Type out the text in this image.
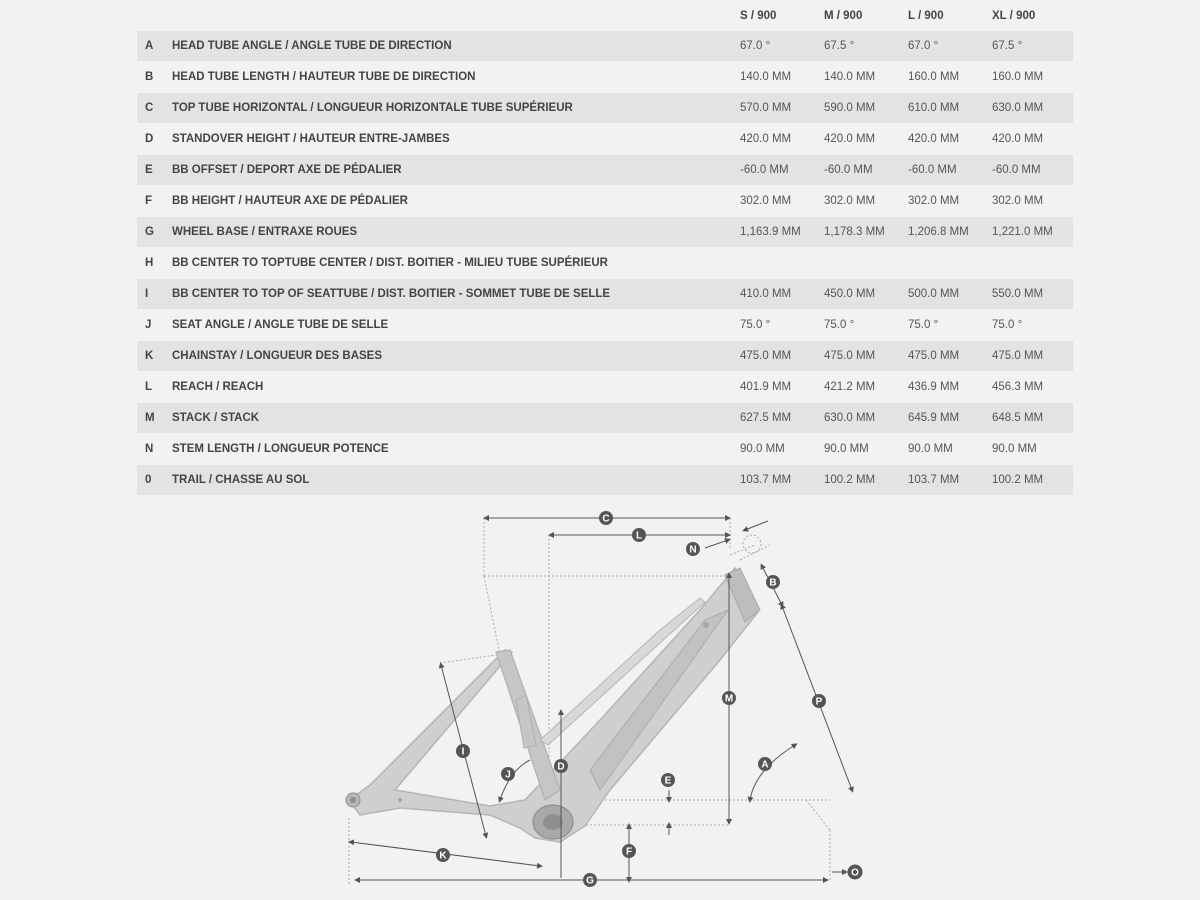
		S / 900	M / 900	L / 900	XL / 900
A	HEAD TUBE ANGLE / ANGLE TUBE DE DIRECTION	67.0 °	67.5 °	67.0 °	67.5 °
B	HEAD TUBE LENGTH / HAUTEUR TUBE DE DIRECTION	140.0 MM	140.0 MM	160.0 MM	160.0 MM
C	TOP TUBE HORIZONTAL / LONGUEUR HORIZONTALE TUBE SUPÉRIEUR	570.0 MM	590.0 MM	610.0 MM	630.0 MM
D	STANDOVER HEIGHT / HAUTEUR ENTRE-JAMBES	420.0 MM	420.0 MM	420.0 MM	420.0 MM
E	BB OFFSET / DEPORT AXE DE PÉDALIER	-60.0 MM	-60.0 MM	-60.0 MM	-60.0 MM
F	BB HEIGHT / HAUTEUR AXE DE PÉDALIER	302.0 MM	302.0 MM	302.0 MM	302.0 MM
G	WHEEL BASE / ENTRAXE ROUES	1,163.9 MM	1,178.3 MM	1,206.8 MM	1,221.0 MM
H	BB CENTER TO TOPTUBE CENTER / DIST. BOITIER - MILIEU TUBE SUPÉRIEUR				
I	BB CENTER TO TOP OF SEATTUBE / DIST. BOITIER - SOMMET TUBE DE SELLE	410.0 MM	450.0 MM	500.0 MM	550.0 MM
J	SEAT ANGLE / ANGLE TUBE DE SELLE	75.0 °	75.0 °	75.0 °	75.0 °
K	CHAINSTAY / LONGUEUR DES BASES	475.0 MM	475.0 MM	475.0 MM	475.0 MM
L	REACH / REACH	401.9 MM	421.2 MM	436.9 MM	456.3 MM
M	STACK / STACK	627.5 MM	630.0 MM	645.9 MM	648.5 MM
N	STEM LENGTH / LONGUEUR POTENCE	90.0 MM	90.0 MM	90.0 MM	90.0 MM
0	TRAIL / CHASSE AU SOL	103.7 MM	100.2 MM	103.7 MM	100.2 MM
C
L
N
B
M	P
I
J
D
E
A
K	F
G
O
